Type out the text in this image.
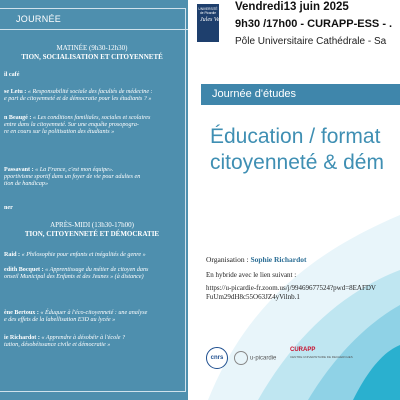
JOURNÉE
MATINÉE (9h30-12h30)
TION, SOCIALISATION ET CITOYENNETÉ
il café
se Letu : « Responsabilité sociale des facultés de médecine :
e part de citoyenneté et de démocratie pour les étudiants ? »
n Beaugé : « Les conditions familiales, sociales et scolaires
entre dans la citoyenneté. Sur une enquête prosopogra-
re en cours sur la politisation des étudiants »
Passavant : « La France, c'est mon équipe».
pportivisme sportif dans un foyer de vie pour adultes en
tion de handicap»
ner
APRÈS-MIDI (13h30-17h00)
TION, CITOYENNETÉ ET DÉMOCRATIE
Raid : « Philosophie pour enfants et inégalités de genre »
edith Bocquet : « Apprentissage du métier de citoyen dans
onseil Municipal des Enfants et des Jeunes » (à distance)
ène Bertoux : « Éduquer à l'éco-citoyenneté : une analyse
e des effets de la labellisation E3D au lycée »
ie Richardot : « Apprendre à désobéir à l'école ?
tation, désobéissance civile et démocratie »
UNIVERSITÉ
de Picardie
Jules Verne
Vendredi13 juin 2025
9h30 /17h00 - CURAPP-ESS - .
Pôle Universitaire Cathédrale - Sa
Journée d'études
Éducation / format
citoyenneté & dém
Organisation : Sophie Richardot
En hybride avec le lien suivant :
https://u-picardie-fr.zoom.us/j/99469677524?pwd=8EAFDV
FuUm29dH8c55O63JZ4yVilnb.1
cnrs	u-picardie
CURAPP
CENTRE UNIVERSITAIRE DE RECHERCHES
